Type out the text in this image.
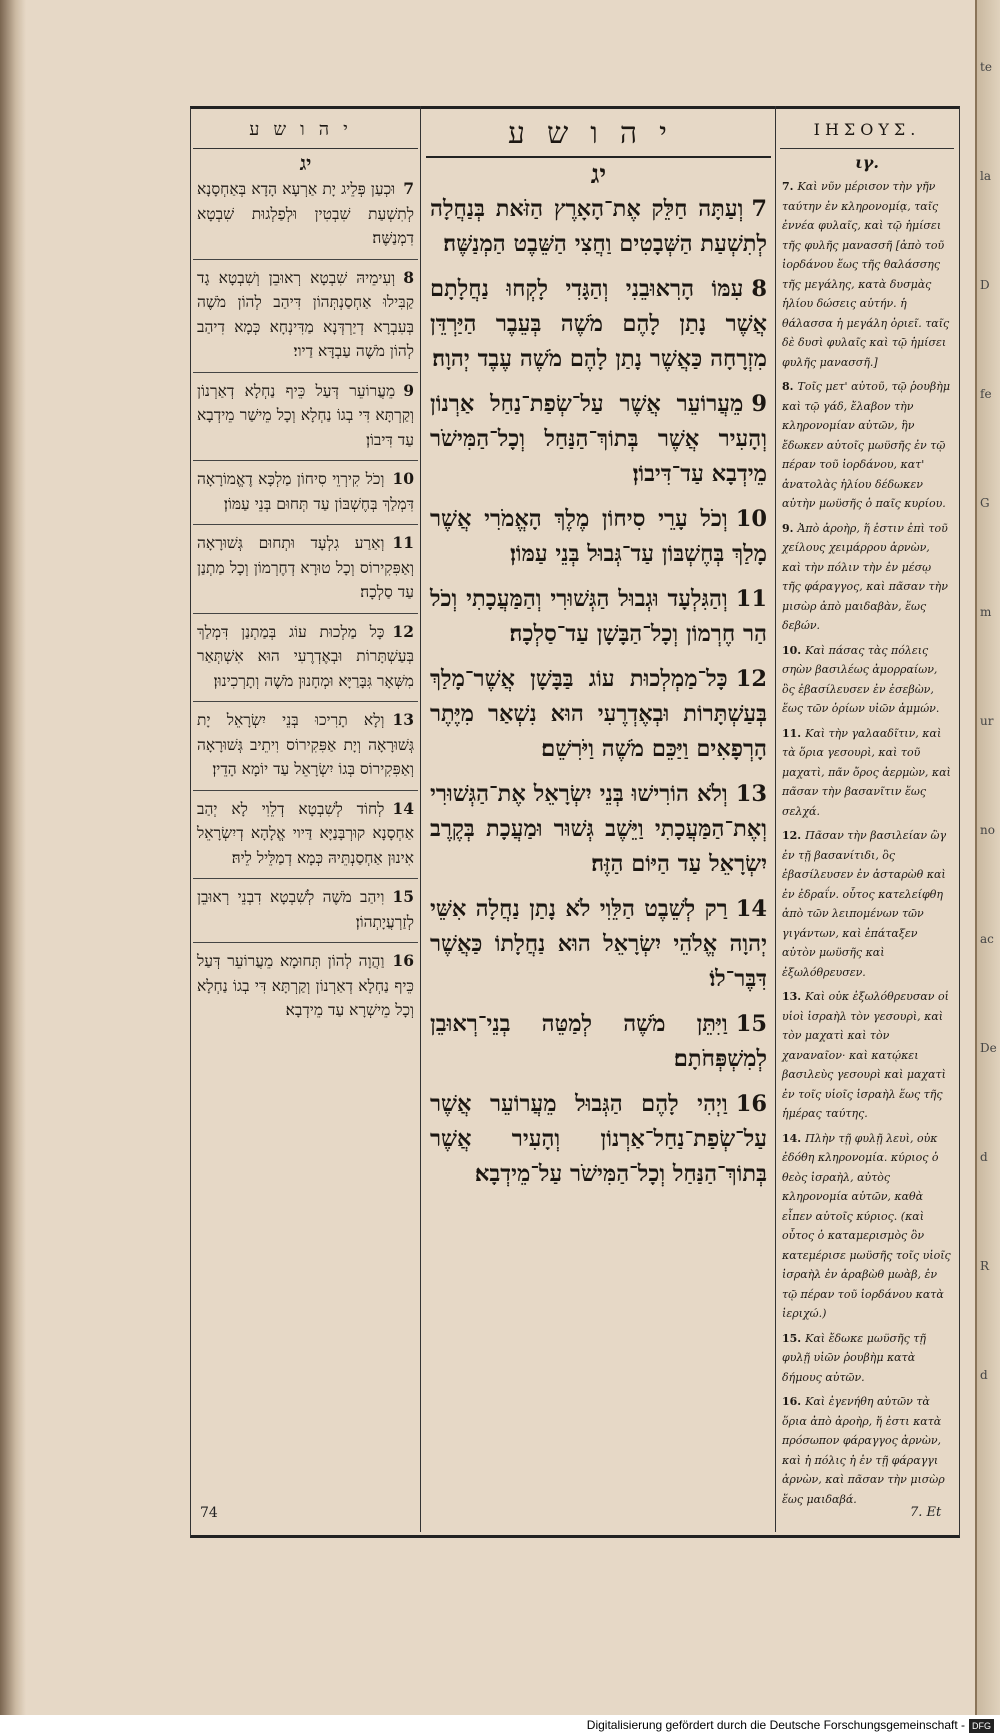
יהושע
יג
7וּכְעַן פְּלֵיג יָת אַרְעָא הָדָא בְּאַחְסָנָא לְתִשְׁעַת שִׁבְטִין וּלְפַלְגוּת שִׁבְטָא דִמְנַשֶּׁה׃
8וְעִימֵיהּ שִׁבְטָא רְאוּבֵן וְשִׁבְטָא גָד קַבִּילוּ אַחְסַנְתְּהוֹן דִּיהַב לְהוֹן מֹשֶׁה בְּעִבְרָא דְיַרְדְּנָא מַדִּינְחָא כְּמָא דִיהַב לְהוֹן מֹשֶׁה עַבְדָּא דַיוי׃
9מֵעֲרוֹעֵר דְּעַל כֵּיף נַחְלָא דְאַרְנוֹן וְקַרְתָּא דִּי בְגוֹ נַחְלָא וְכָל מֵישַׁר מֵידְבָא עַד דִּיבוֹן׃
10וְכֹל קִירְוֵי סִיחוֹן מַלְכָּא דֶאֱמוֹרָאָה דִּמְלַךְ בְּחֶשְׁבּוֹן עַד תְּחוּם בְּנֵי עַמּוֹן׃
11וְאַרַע גִלְעָד וּתְחוּם גְּשׁוּרָאָה וְאַפִּקִירוֹס וְכָל טוּרָא דְחֶרְמוֹן וְכָל מַתְנַן עַד סַלְכָה׃
12כָּל מַלְכוּת עוֹג בְּמַתְנַן דִּמְלַךְ בְּעַשְׁתָּרוֹת וּבְאֶדְרֶעִי הוּא אִשְׁתְּאַר מִשְּׁאָר גִּבָּרַיָּא וּמְחָנוּן מֹשֶׁה וְתָרְכִינוּן׃
13וְלָא תָרִיכוּ בְּנֵי יִשְׂרָאֵל יָת גְּשׁוּרָאָה וְיָת אַפִּקִירוֹס וִיתֵיב גְּשׁוּרָאָה וְאַפִּקִירוֹס בְּגוֹ יִשְׂרָאֵל עַד יוֹמָא הָדֵין׃
14לְחוֹד לְשִׁבְטָא דְלֵוִי לָא יְהַב אַחְסָנָא קוּרְבָּנַיָּא דַּיוי אֱלָהָא דְיִשְׂרָאֵל אִינוּן אַחְסַנְתֵּיהּ כְּמָא דְמַלֵּיל לֵיהּ׃
15וִיהַב מֹשֶׁה לְשִׁבְטָא דִבְנֵי רְאוּבֵן לְזַרְעֲיָתְהוֹן׃
16וַהֲוָה לְהוֹן תְּחוּמָא מֵעֲרוֹעֵר דְּעַל כֵּיף נַחְלָא דְאַרְנוֹן וְקַרְתָּא דִּי בְגוֹ נַחְלָא וְכָל מֵישְׁרָא עַד מֵידְבָא׃
יהושע
יג
7וְעַתָּה חַלֵּק אֶת־הָאָרֶץ הַזֹּאת בְּנַחֲלָה לְתִשְׁעַת הַשְּׁבָטִים וַחֲצִי הַשֵּׁבֶט הַמְנַשֶּׁה׃
8עִמּוֹ הָרֽאוּבֵנִי וְהַגָּדִי לָקְחוּ נַחֲלָתָם אֲשֶׁר נָתַן לָהֶם מֹשֶׁה בְּעֵבֶר הַיַּרְדֵּן מִזְרָחָה כַּאֲשֶׁר נָתַן לָהֶם מֹשֶׁה עֶבֶד יְהוָה׃
9מֵעֲרוֹעֵר אֲשֶׁר עַל־שְׂפַת־נַחַל אַרְנוֹן וְהָעִיר אֲשֶׁר בְּתוֹךְ־הַנַּחַל וְכָל־הַמִּישֹׁר מֵידְבָא עַד־דִּיבוֹן׃
10וְכֹל עָרֵי סִיחוֹן מֶלֶךְ הָאֱמֹרִי אֲשֶׁר מָלַךְ בְּחֶשְׁבּוֹן עַד־גְּבוּל בְּנֵי עַמּוֹן׃
11וְהַגִּלְעָד וּגְבוּל הַגְּשׁוּרִי וְהַמַּעֲכָתִי וְכֹל הַר חֶרְמוֹן וְכָל־הַבָּשָׁן עַד־סַלְכָה׃
12כָּל־מַמְלְכוּת עוֹג בַּבָּשָׁן אֲשֶׁר־מָלַךְ בְּעַשְׁתָּרוֹת וּבְאֶדְרֶעִי הוּא נִשְׁאַר מִיֶּתֶר הָרְפָאִים וַיַּכֵּם מֹשֶׁה וַיֹּרִשֵׁם׃
13וְלֹא הוֹרִישׁוּ בְּנֵי יִשְׂרָאֵל אֶת־הַגְּשׁוּרִי וְאֶת־הַמַּעֲכָתִי וַיֵּשֶׁב גְּשׁוּר וּמַעֲכָת בְּקֶרֶב יִשְׂרָאֵל עַד הַיּוֹם הַזֶּה׃
14רַק לְשֵׁבֶט הַלֵּוִי לֹא נָתַן נַחֲלָה אִשֵּׁי יְהוָה אֱלֹהֵי יִשְׂרָאֵל הוּא נַחֲלָתוֹ כַּאֲשֶׁר דִּבֶּר־לוֹ׃
15וַיִּתֵּן מֹשֶׁה לְמַטֵּה בְנֵי־רְאוּבֵן לְמִשְׁפְּחֹתָם׃
16וַיְהִי לָהֶם הַגְּבוּל מֵעֲרוֹעֵר אֲשֶׁר עַל־שְׂפַת־נַחַל־אַרְנוֹן וְהָעִיר אֲשֶׁר בְּתוֹךְ־הַנַּחַל וְכָל־הַמִּישֹׁר עַל־מֵידְבָא׃
ΙΗΣΟΥΣ.
ιγ.
7. Καὶ νῦν μέρισον τὴν γῆν ταύτην ἐν κληρονομίᾳ, ταῖς ἐννέα φυλαῖς, καὶ τῷ ἡμίσει τῆς φυλῆς μανασσῆ [ἀπὸ τοῦ ἰορδάνου ἕως τῆς θαλάσσης τῆς μεγάλης, κατὰ δυσμὰς ἡλίου δώσεις αὐτήν. ἡ θάλασσα ἡ μεγάλη ὁριεῖ. ταῖς δὲ δυσὶ φυλαῖς καὶ τῷ ἡμίσει φυλῆς μανασσῆ.]
8. Τοῖς μετ' αὐτοῦ, τῷ ῥουβὴμ καὶ τῷ γάδ, ἔλαβον τὴν κληρονομίαν αὐτῶν, ἣν ἔδωκεν αὐτοῖς μωϋσῆς ἐν τῷ πέραν τοῦ ἰορδάνου, κατ' ἀνατολὰς ἡλίου δέδωκεν αὐτὴν μωϋσῆς ὁ παῖς κυρίου.
9. Ἀπὸ ἀροὴρ, ἥ ἐστιν ἐπὶ τοῦ χείλους χειμάρρου ἀρνὼν, καὶ τὴν πόλιν τὴν ἐν μέσῳ τῆς φάραγγος, καὶ πᾶσαν τὴν μισὼρ ἀπὸ μαιδαβὰν, ἕως δεβών.
10. Καὶ πάσας τὰς πόλεις σηὼν βασιλέως ἀμορραίων, ὃς ἐβασίλευσεν ἐν ἐσεβὼν, ἕως τῶν ὁρίων υἱῶν ἀμμών.
11. Καὶ τὴν γαλααδῖτιν, καὶ τὰ ὅρια γεσουρὶ, καὶ τοῦ μαχατὶ, πᾶν ὄρος ἀερμὼν, καὶ πᾶσαν τὴν βασανῖτιν ἕως σελχά.
12. Πᾶσαν τὴν βασιλείαν ὢγ ἐν τῇ βασανίτιδι, ὃς ἐβασίλευσεν ἐν ἀσταρὼθ καὶ ἐν ἐδραΐν. οὗτος κατελείφθη ἀπὸ τῶν λειπομένων τῶν γιγάντων, καὶ ἐπάταξεν αὐτὸν μωϋσῆς καὶ ἐξωλόθρευσεν.
13. Καὶ οὐκ ἐξωλόθρευσαν οἱ υἱοὶ ἰσραὴλ τὸν γεσουρὶ, καὶ τὸν μαχατὶ καὶ τὸν χαναναῖον· καὶ κατῴκει βασιλεὺς γεσουρὶ καὶ μαχατὶ ἐν τοῖς υἱοῖς ἰσραὴλ ἕως τῆς ἡμέρας ταύτης.
14. Πλὴν τῇ φυλῇ λευὶ, οὐκ ἐδόθη κληρονομία. κύριος ὁ θεὸς ἰσραὴλ, αὐτὸς κληρονομία αὐτῶν, καθὰ εἶπεν αὐτοῖς κύριος. (καὶ οὗτος ὁ καταμερισμὸς ὃν κατεμέρισε μωϋσῆς τοῖς υἱοῖς ἰσραὴλ ἐν ἀραβὼθ μωὰβ, ἐν τῷ πέραν τοῦ ἰορδάνου κατὰ ἱεριχώ.)
15. Καὶ ἔδωκε μωϋσῆς τῇ φυλῇ υἱῶν ῥουβὴμ κατὰ δήμους αὐτῶν.
16. Καὶ ἐγενήθη αὐτῶν τὰ ὅρια ἀπὸ ἀροὴρ, ἥ ἐστι κατὰ πρόσωπον φάραγγος ἀρνὼν, καὶ ἡ πόλις ἡ ἐν τῇ φάραγγι ἀρνὼν, καὶ πᾶσαν τὴν μισὼρ ἕως μαιδαβά.
74	7. Et
te
la
D
fe
G
m
ur
no
ac
De
d
R
d
Digitalisierung gefördert durch die Deutsche Forschungsgemeinschaft - DFG
